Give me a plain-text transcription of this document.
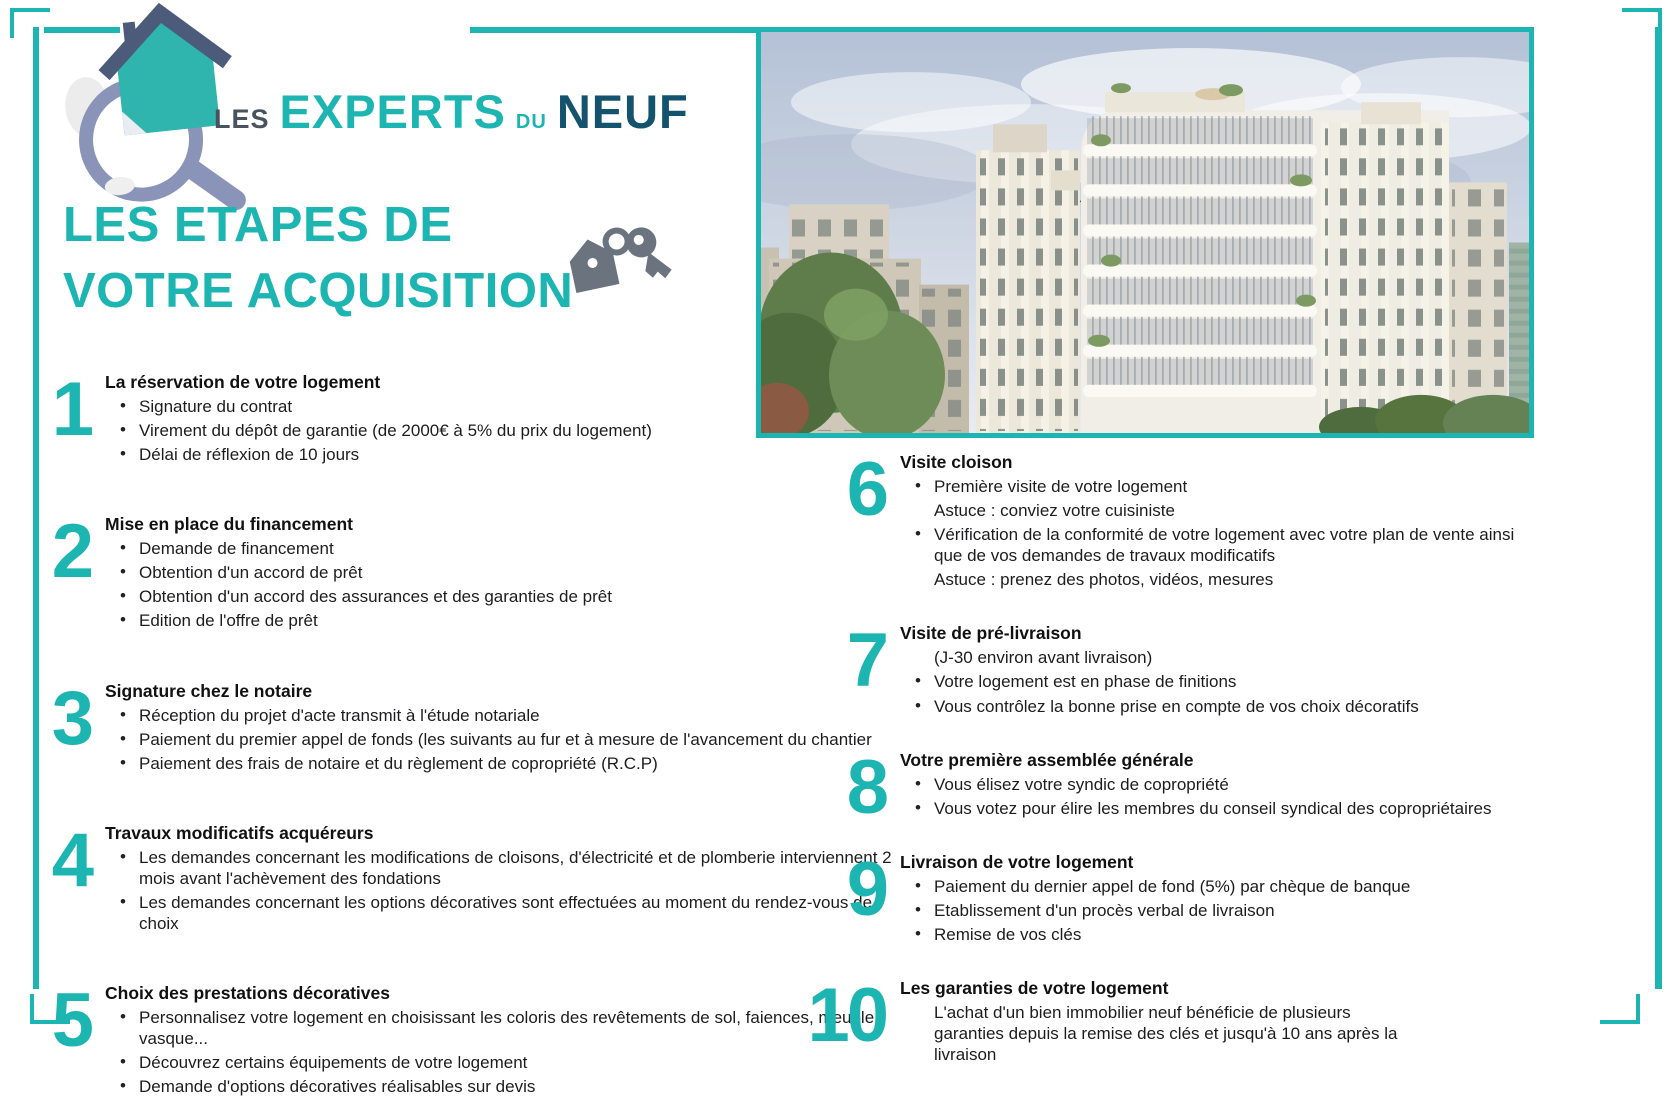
LES EXPERTS DU NEUF
LES ETAPES DE
VOTRE ACQUISITION
1 La réservation de votre logement
• Signature du contrat
• Virement du dépôt de garantie (de 2000€ à 5% du prix du logement)
• Délai de réflexion de 10 jours
2 Mise en place du financement
• Demande de financement
• Obtention d'un accord de prêt
• Obtention d'un accord des assurances et des garanties de prêt
• Edition de l'offre de prêt
3 Signature chez le notaire
• Réception du projet d'acte transmit à l'étude notariale
• Paiement du premier appel de fonds (les suivants au fur et à mesure de l'avancement du chantier
• Paiement des frais de notaire et du règlement de copropriété (R.C.P)
4 Travaux modificatifs acquéreurs
• Les demandes concernant les modifications de cloisons, d'électricité et de plomberie interviennent 2 mois avant l'achèvement des fondations
• Les demandes concernant les options décoratives sont effectuées au moment du rendez-vous de choix
5 Choix des prestations décoratives
• Personnalisez votre logement en choisissant les coloris des revêtements de sol, faiences, meuble vasque...
• Découvrez certains équipements de votre logement
• Demande d'options décoratives réalisables sur devis
6 Visite cloison
• Première visite de votre logement
Astuce : conviez votre cuisiniste
• Vérification de la conformité de votre logement avec votre plan de vente ainsi que de vos demandes de travaux modificatifs
Astuce : prenez des photos, vidéos, mesures
7 Visite de pré-livraison
(J-30 environ avant livraison)
• Votre logement est en phase de finitions
• Vous contrôlez la bonne prise en compte de vos choix décoratifs
8 Votre première assemblée générale
• Vous élisez votre syndic de copropriété
• Vous votez pour élire les membres du conseil syndical des copropriétaires
9 Livraison de votre logement
• Paiement du dernier appel de fond (5%) par chèque de banque
• Etablissement d'un procès verbal de livraison
• Remise de vos clés
10 Les garanties de votre logement
L'achat d'un bien immobilier neuf bénéficie de plusieurs garanties depuis la remise des clés et jusqu'à 10 ans après la livraison
